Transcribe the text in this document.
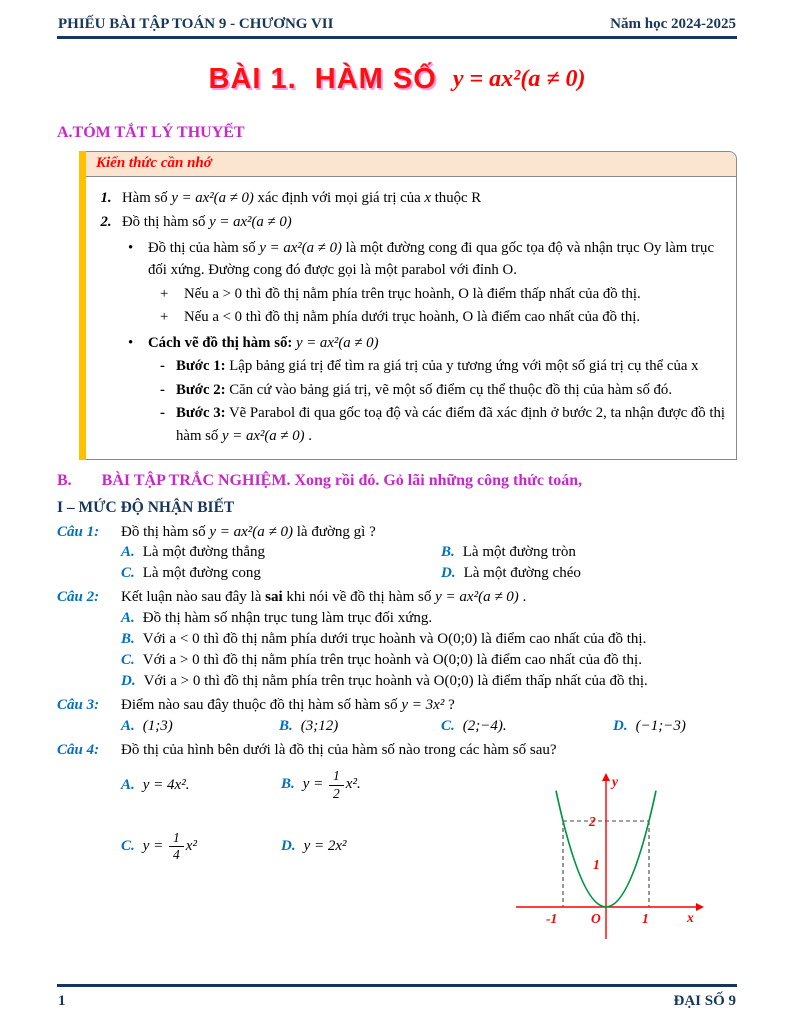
PHIẾU BÀI TẬP TOÁN 9 - CHƯƠNG VII	Năm học 2024-2025
BÀI 1.  HÀM SỐ y = ax²(a ≠ 0)
A.TÓM TẮT LÝ THUYẾT
Kiến thức cần nhớ
1. Hàm số y = ax²(a ≠ 0) xác định với mọi giá trị của x thuộc R
2. Đồ thị hàm số y = ax²(a ≠ 0)
•	Đồ thị của hàm số y = ax²(a ≠ 0) là một đường cong đi qua gốc tọa độ và nhận trục Oy làm trục đối xứng. Đường cong đó được gọi là một parabol với đỉnh O.
+	Nếu a > 0 thì đồ thị nằm phía trên trục hoành, O là điểm thấp nhất của đồ thị.
+	Nếu a < 0 thì đồ thị nằm phía dưới trục hoành, O là điểm cao nhất của đồ thị.
•	Cách vẽ đồ thị hàm số: y = ax²(a ≠ 0)
- Bước 1: Lập bảng giá trị để tìm ra giá trị của y tương ứng với một số giá trị cụ thể của x
- Bước 2: Căn cứ vào bảng giá trị, vẽ một số điểm cụ thể thuộc đồ thị của hàm số đó.
- Bước 3: Vẽ Parabol đi qua gốc toạ độ và các điểm đã xác định ở bước 2, ta nhận được đồ thị hàm số y = ax²(a ≠ 0) .
B. BÀI TẬP TRẮC NGHIỆM. Xong rồi đó. Gỏ lãi những công thức toán,
I – MỨC ĐỘ NHẬN BIẾT
Câu 1:	Đồ thị hàm số y = ax²(a ≠ 0) là đường gì ?
A. Là một đường thẳng	B. Là một đường tròn
C. Là một đường cong	D. Là một đường chéo
Câu 2:	Kết luận nào sau đây là sai khi nói về đồ thị hàm số y = ax²(a ≠ 0) .
A. Đồ thị hàm số nhận trục tung làm trục đối xứng.
B. Với a < 0 thì đồ thị nằm phía dưới trục hoành và O(0;0) là điểm cao nhất của đồ thị.
C. Với a > 0 thì đồ thị nằm phía trên trục hoành và O(0;0) là điểm cao nhất của đồ thị.
D. Với a > 0 thì đồ thị nằm phía trên trục hoành và O(0;0) là điểm thấp nhất của đồ thị.
Câu 3:	Điểm nào sau đây thuộc đồ thị hàm số hàm số y = 3x² ?
A. (1;3)	B. (3;12)	C. (2;−4).	D. (−1;−3)
Câu 4:	Đồ thị của hình bên dưới là đồ thị của hàm số nào trong các hàm số sau?
A. y = 4x².	B. $y = \frac{1}{2} x^2$.
C. $y = \frac{1}{4} x^2$	D. y = 2x²
y
x
2
1
-1	O	1
1	ĐẠI SỐ 9
